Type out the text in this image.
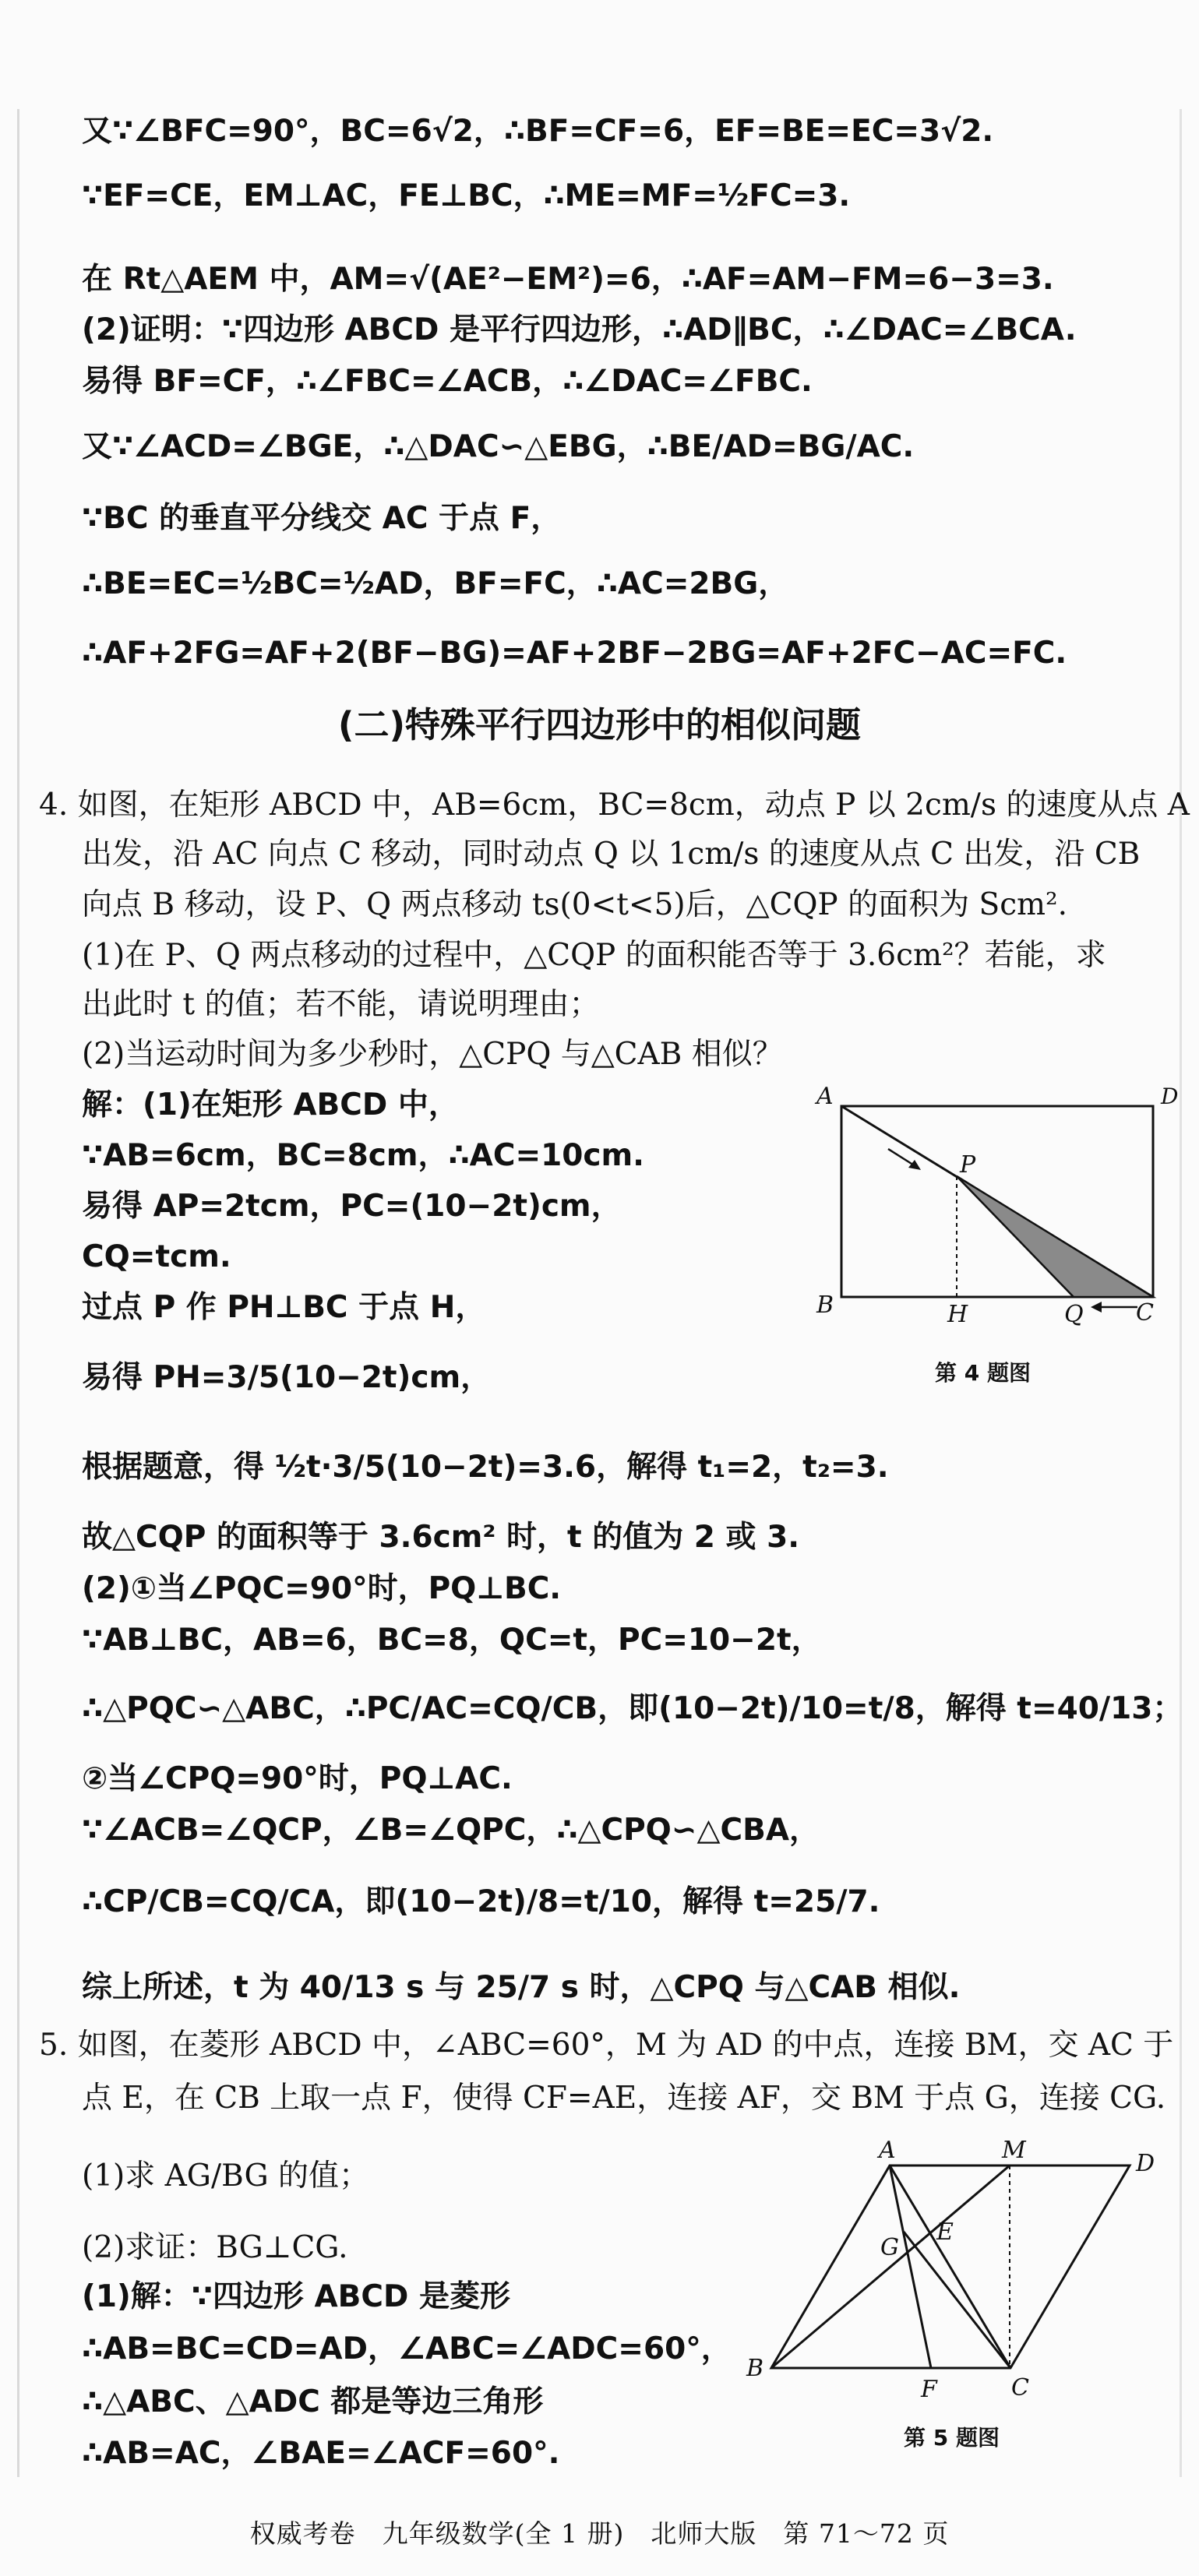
又∵∠BFC=90°，BC=6√2，∴BF=CF=6，EF=BE=EC=3√2.
∵EF=CE，EM⊥AC，FE⊥BC，∴ME=MF=½FC=3.
在 Rt△AEM 中，AM=√(AE²−EM²)=6，∴AF=AM−FM=6−3=3.
(2)证明：∵四边形 ABCD 是平行四边形，∴AD∥BC，∴∠DAC=∠BCA.
易得 BF=CF，∴∠FBC=∠ACB，∴∠DAC=∠FBC.
又∵∠ACD=∠BGE，∴△DAC∽△EBG，∴BE/AD=BG/AC.
∵BC 的垂直平分线交 AC 于点 F，
∴BE=EC=½BC=½AD，BF=FC，∴AC=2BG，
∴AF+2FG=AF+2(BF−BG)=AF+2BF−2BG=AF+2FC−AC=FC.
(二)特殊平行四边形中的相似问题
4. 如图，在矩形 ABCD 中，AB=6cm，BC=8cm，动点 P 以 2cm/s 的速度从点 A
出发，沿 AC 向点 C 移动，同时动点 Q 以 1cm/s 的速度从点 C 出发，沿 CB
向点 B 移动，设 P、Q 两点移动 ts(0<t<5)后，△CQP 的面积为 Scm².
(1)在 P、Q 两点移动的过程中，△CQP 的面积能否等于 3.6cm²？若能，求
出此时 t 的值；若不能，请说明理由；
(2)当运动时间为多少秒时，△CPQ 与△CAB 相似？
解：(1)在矩形 ABCD 中，
∵AB=6cm，BC=8cm，∴AC=10cm.
易得 AP=2tcm，PC=(10−2t)cm，
CQ=tcm.
过点 P 作 PH⊥BC 于点 H，
易得 PH=3/5(10−2t)cm，
根据题意，得 ½t·3/5(10−2t)=3.6，解得 t₁=2，t₂=3.
故△CQP 的面积等于 3.6cm² 时，t 的值为 2 或 3.
(2)①当∠PQC=90°时，PQ⊥BC.
∵AB⊥BC，AB=6，BC=8，QC=t，PC=10−2t，
∴△PQC∽△ABC，∴PC/AC=CQ/CB，即(10−2t)/10=t/8，解得 t=40/13；
②当∠CPQ=90°时，PQ⊥AC.
∵∠ACB=∠QCP，∠B=∠QPC，∴△CPQ∽△CBA，
∴CP/CB=CQ/CA，即(10−2t)/8=t/10，解得 t=25/7.
综上所述，t 为 40/13 s 与 25/7 s 时，△CPQ 与△CAB 相似.
A	D
B	C
P
H	Q
第 4 题图
5. 如图，在菱形 ABCD 中，∠ABC=60°，M 为 AD 的中点，连接 BM，交 AC 于
点 E，在 CB 上取一点 F，使得 CF=AE，连接 AF，交 BM 于点 G，连接 CG.
(1)求 AG/BG 的值；
(2)求证：BG⊥CG.
(1)解：∵四边形 ABCD 是菱形
∴AB=BC=CD=AD，∠ABC=∠ADC=60°，
∴△ABC、△ADC 都是等边三角形
∴AB=AC，∠BAE=∠ACF=60°.
A	M	D
G
E
B
F	C
第 5 题图
权威考卷　九年级数学(全 1 册)　北师大版　第 71～72 页
